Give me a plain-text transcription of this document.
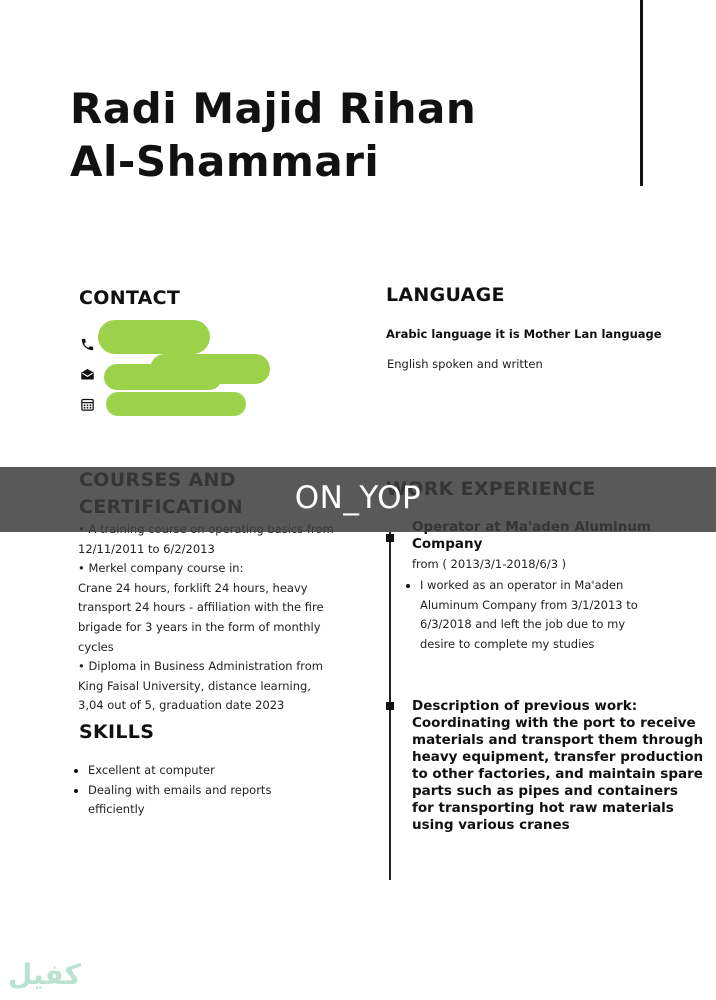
Radi Majid Rihan
Al-Shammari
CONTACT	LANGUAGE
Arabic language it is Mother Lan language
English spoken and written

12/11/2011 to 6/2/2013
• Merkel company course in:
Crane 24 hours, forklift 24 hours, heavy
transport 24 hours - affiliation with the fire
brigade for 3 years in the form of monthly
cycles
• Diploma in Business Administration from
King Faisal University, distance learning,
3,04 out of 5, graduation date 2023
SKILLS
Excellent at computer
Dealing with emails and reports efficiently

Company
from ( 2013/3/1-2018/6/3 )
I worked as an operator in Ma'aden Aluminum Company from 3/1/2013 to 6/3/2018 and left the job due to my desire to complete my studies
Description of previous work: Coordinating with the port to receive materials and transport them through heavy equipment, transfer production to other factories, and maintain spare parts such as pipes and containers for transporting hot raw materials using various cranes
ON_YOP
كفيل
